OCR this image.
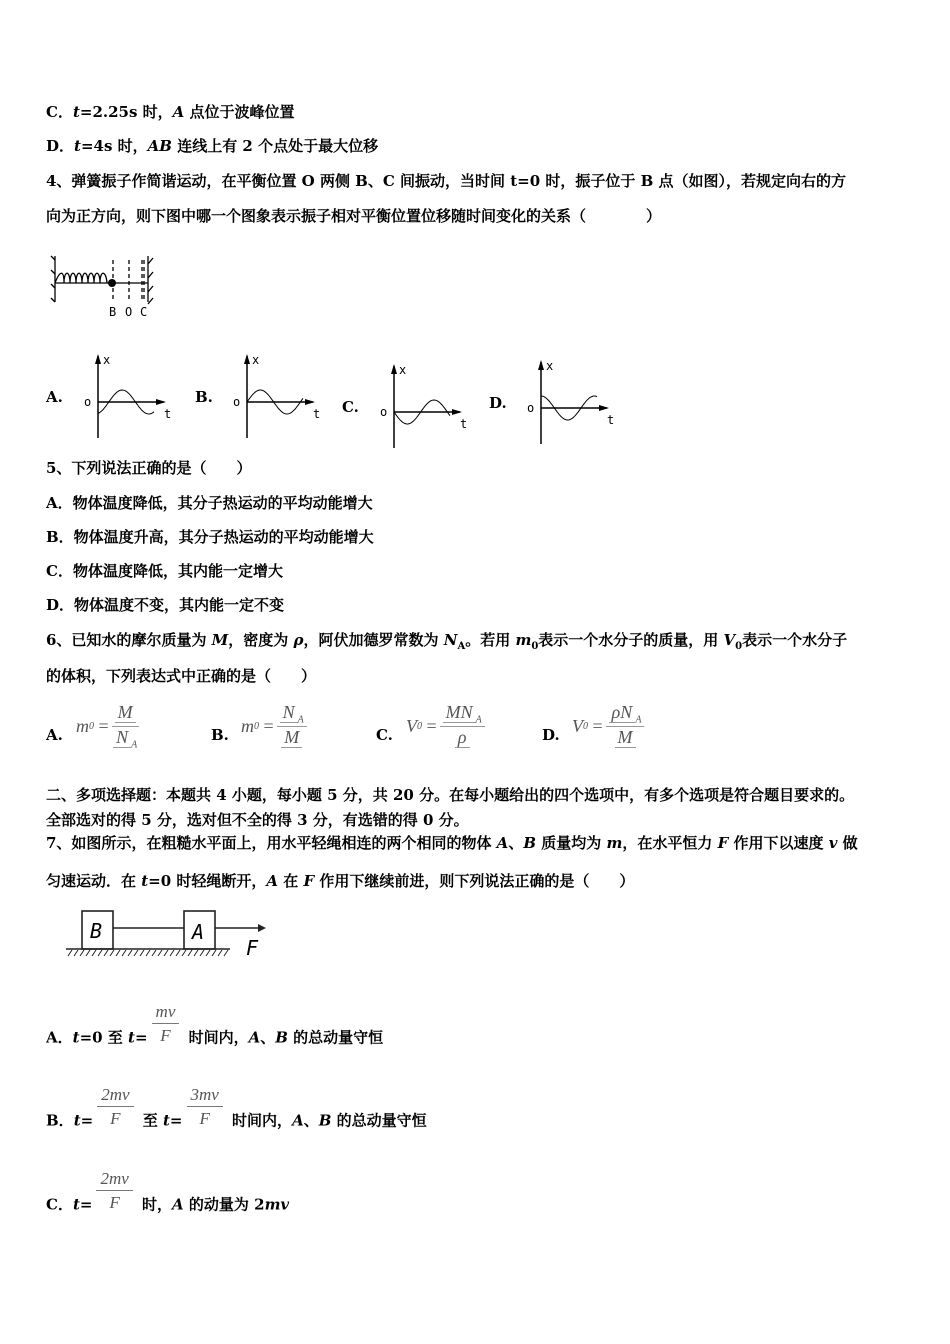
C．t=2.25s 时，A 点位于波峰位置
D．t=4s 时，AB 连线上有 2 个点处于最大位移
4、弹簧振子作简谐运动，在平衡位置 O 两侧 B、C 间振动，当时间 t=0 时，振子位于 B 点（如图），若规定向右的方
向为正方向，则下图中哪一个图象表示振子相对平衡位置位移随时间变化的关系（　　　　）
B O C
A.
x
t
o	B.
x
t
o	C.
x
t
o	D.
x
t
o
5、下列说法正确的是（　　）
A．物体温度降低，其分子热运动的平均动能增大
B．物体温度升高，其分子热运动的平均动能增大
C．物体温度降低，其内能一定增大
D．物体温度不变，其内能一定不变
6、已知水的摩尔质量为 M，密度为 ρ，阿伏加德罗常数为 $N_A$。若用 $m_0$表示一个水分子的质量，用 $V_0$表示一个水分子
的体积，下列表达式中正确的是（　　）
A. m 0
= $\frac{M}{N _A}$	B. m 0
= $\frac{N _A}{M}$	C. V 0
=
MN $_A$
ρ	D. V 0
=
ρN $_A$
M
二、多项选择题：本题共 4 小题，每小题 5 分，共 20 分。在每小题给出的四个选项中，有多个选项是符合题目要求的。
全部选对的得 5 分，选对但不全的得 3 分，有选错的得 0 分。
7、如图所示，在粗糙水平面上，用水平轻绳相连的两个相同的物体 A、B 质量均为 m，在水平恒力 F 作用下以速度 v 做
匀速运动．在 t=0 时轻绳断开，A 在 F 作用下继续前进，则下列说法正确的是（　　）
B	A
F
A．t=0 至 $t= \frac{mv}{F}$ 时间内，A、B 的总动量守恒
B．$t= \frac{2mv}{F}$ 至 $t= \frac{3mv}{F}$ 时间内，A、B 的总动量守恒
C．$t= \frac{2mv}{F}$ 时，A 的动量为 2mv
